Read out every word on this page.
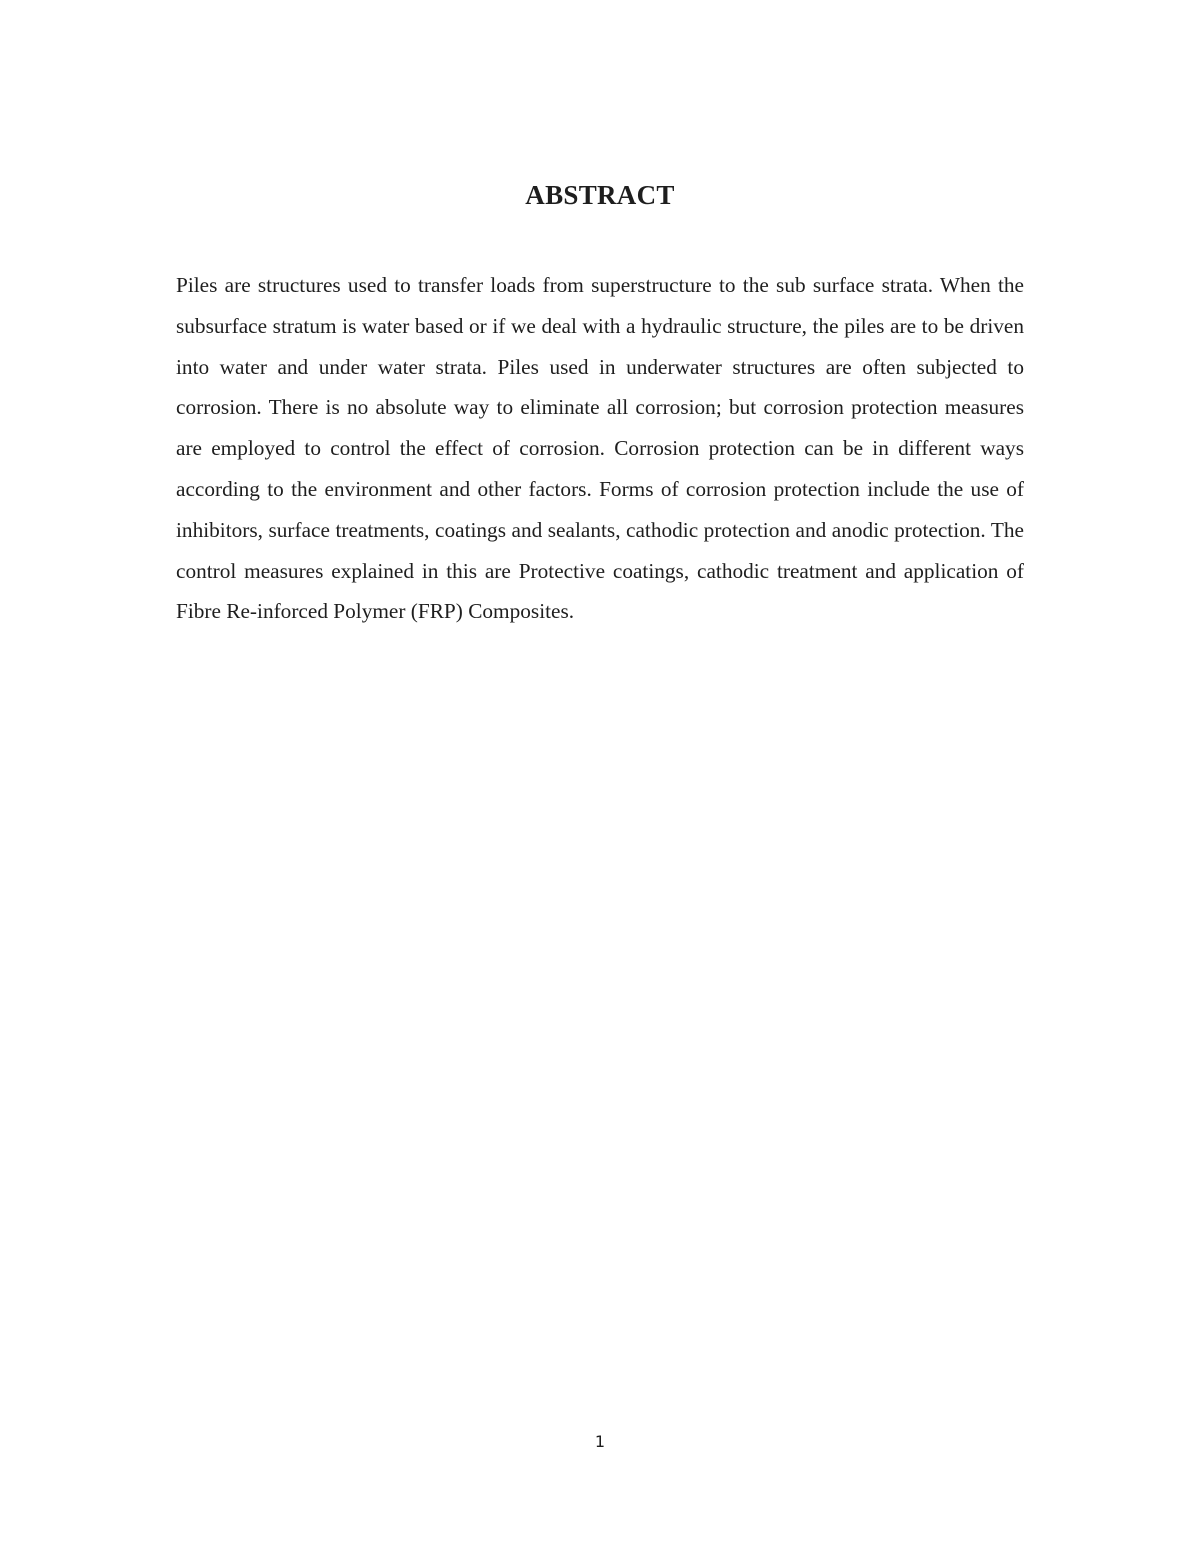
ABSTRACT

Piles are structures used to transfer loads from superstructure to the sub surface strata. When the subsurface stratum is water based or if we deal with a hydraulic structure, the piles are to be driven into water and under water strata. Piles used in underwater structures are often subjected to corrosion. There is no absolute way to eliminate all corrosion; but corrosion protection measures are employed to control the effect of corrosion. Corrosion protection can be in different ways according to the environment and other factors. Forms of corrosion protection include the use of inhibitors, surface treatments, coatings and sealants, cathodic protection and anodic protection. The control measures explained in this are Protective coatings, cathodic treatment and application of Fibre Re-inforced Polymer (FRP) Composites.

1
